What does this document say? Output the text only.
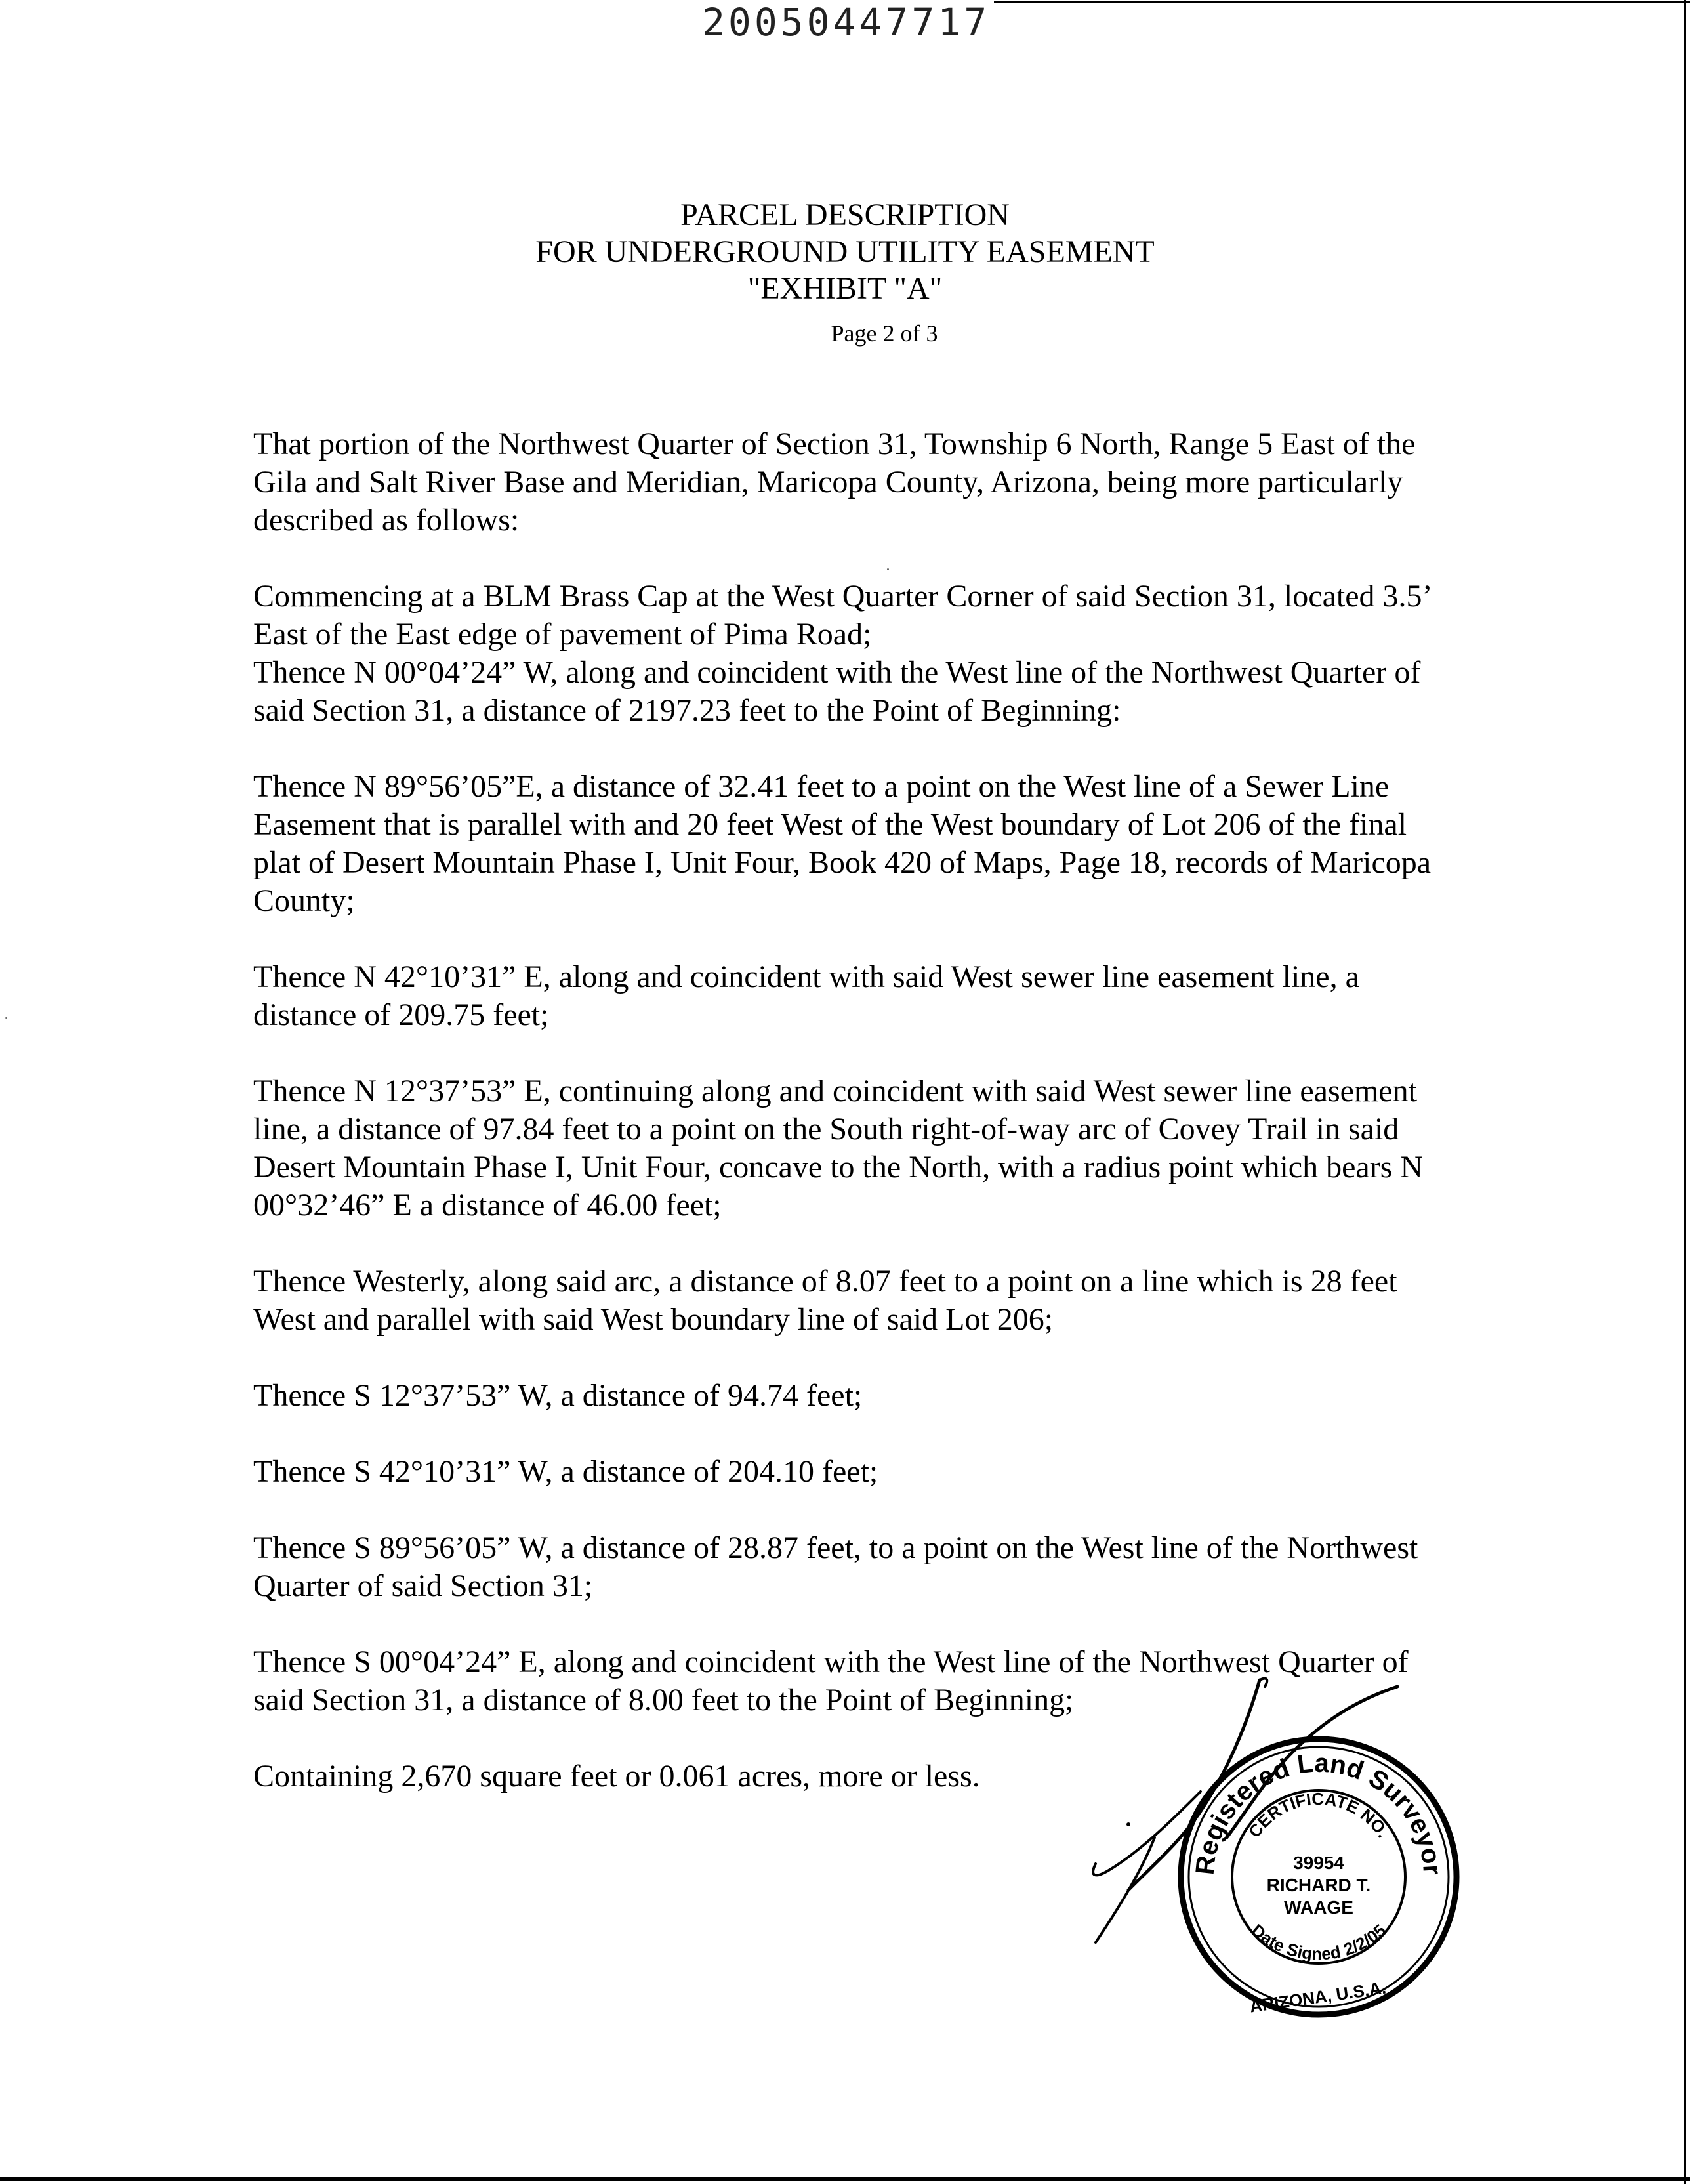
20050447717
PARCEL DESCRIPTION
FOR UNDERGROUND UTILITY EASEMENT
"EXHIBIT "A"
Page 2 of 3

That portion of the Northwest Quarter of Section 31, Township 6 North, Range 5 East of the Gila and Salt River Base and Meridian, Maricopa County, Arizona, being more particularly described as follows:

Commencing at a BLM Brass Cap at the West Quarter Corner of said Section 31, located 3.5’ East of the East edge of pavement of Pima Road;

Thence N 00°04’24” W, along and coincident with the West line of the Northwest Quarter of said Section 31, a distance of 2197.23 feet to the Point of Beginning:

Thence N 89°56’05”E, a distance of 32.41 feet to a point on the West line of a Sewer Line Easement that is parallel with and 20 feet West of the West boundary of Lot 206 of the final plat of Desert Mountain Phase I, Unit Four, Book 420 of Maps, Page 18, records of Maricopa County;

Thence N 42°10’31” E, along and coincident with said West sewer line easement line, a distance of 209.75 feet;

Thence N 12°37’53” E, continuing along and coincident with said West sewer line easement line, a distance of 97.84 feet to a point on the South right-of-way arc of Covey Trail in said Desert Mountain Phase I, Unit Four, concave to the North, with a radius point which bears N 00°32’46” E a distance of 46.00 feet;

Thence Westerly, along said arc, a distance of 8.07 feet to a point on a line which is 28 feet West and parallel with said West boundary line of said Lot 206;

Thence S 12°37’53” W, a distance of 94.74 feet;

Thence S 42°10’31” W, a distance of 204.10 feet;

Thence S 89°56’05” W, a distance of 28.87 feet, to a point on the West line of the Northwest Quarter of said Section 31;

Thence S 00°04’24” E, along and coincident with the West line of the Northwest Quarter of said Section 31, a distance of 8.00 feet to the Point of Beginning;

Containing 2,670 square feet or 0.061 acres, more or less.

Registered Land Surveyor
CERTIFICATE NO.
39954
RICHARD T.
WAAGE
Date Signed 2/2/05
ARIZONA, U.S.A.
